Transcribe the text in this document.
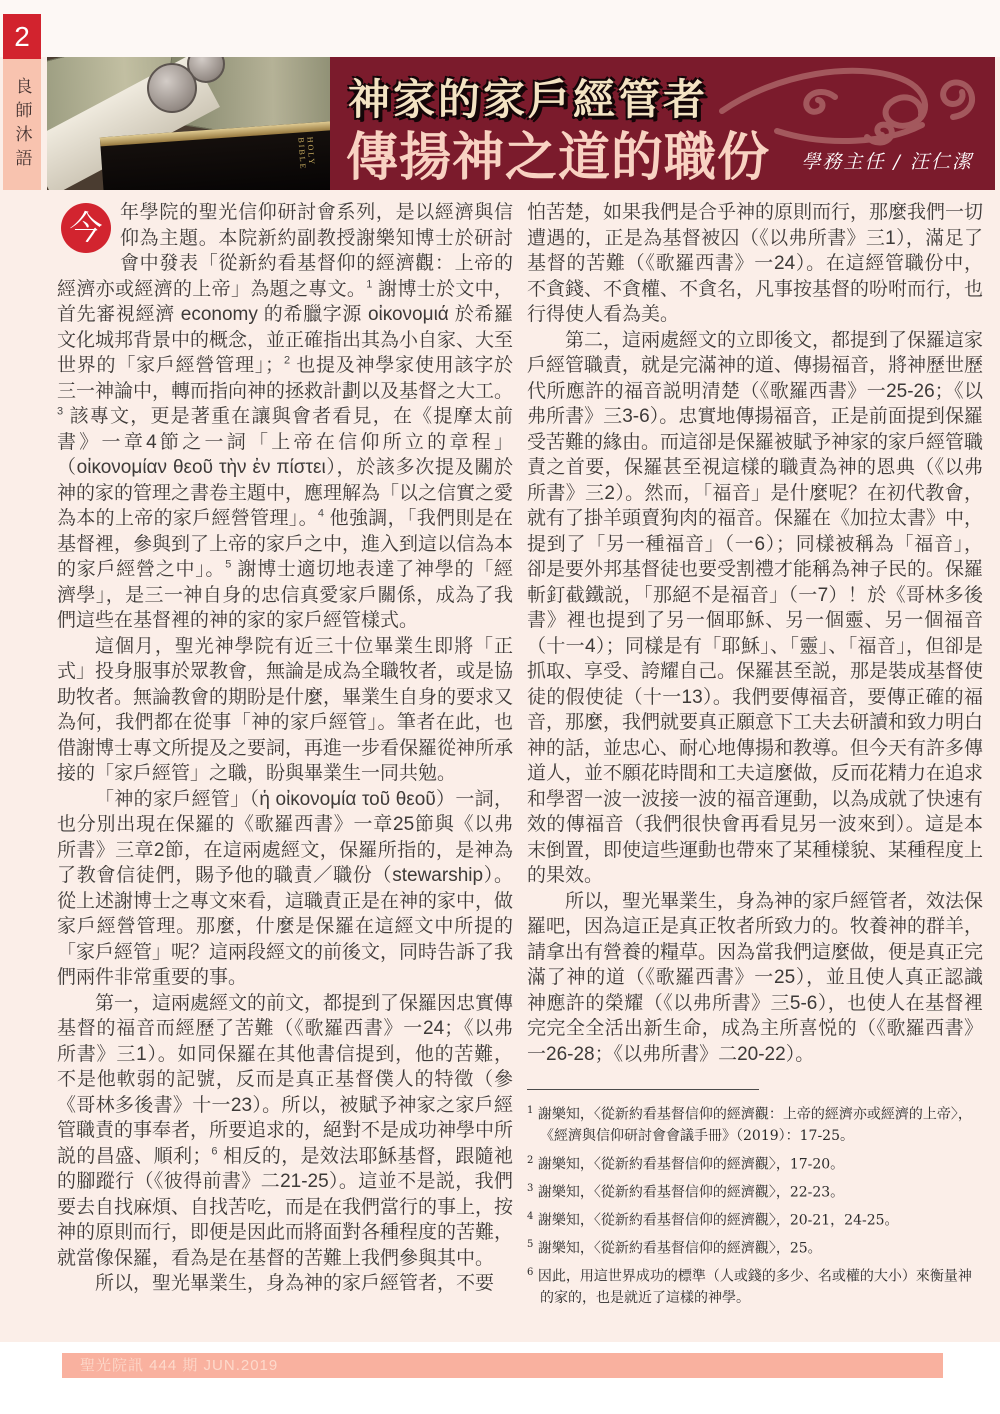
2
良師沐語	HOLY BIBLE
神家的家戶經管者
傳揚神之道的職份 學務主任 / 汪仁潔

今 年學院的聖光信仰研討會系列，是以經濟與信仰為主題。本院新約副教授謝樂知博士於研討會中發表「從新約看基督仰的經濟觀：上帝的經濟亦或經濟的上帝」為題之專文。$^1$ 謝博士於文中，首先審視經濟 economy 的希臘字源 οἰκονομιά 於希羅文化城邦背景中的概念，並正確指出其為小自家、大至世界的「家戶經營管理」；$^2$ 也提及神學家使用該字於三一神論中，轉而指向神的拯救計劃以及基督之大工。$^3$ 該專文，更是著重在讓與會者看見，在《提摩太前書》一章4節之一詞「上帝在信仰所立的章程」（οἰκονομίαν θεοῦ τὴν ἐν πίστει），於該多次提及關於神的家的管理之書卷主題中，應理解為「以之信實之愛為本的上帝的家戶經營管理」。$^4$ 他強調，「我們則是在基督裡，參與到了上帝的家戶之中，進入到這以信為本的家戶經營之中」。$^5$ 謝博士適切地表達了神學的「經濟學」，是三一神自身的忠信真愛家戶關係，成為了我們這些在基督裡的神的家的家戶經管樣式。

這個月，聖光神學院有近三十位畢業生即將「正式」投身服事於眾教會，無論是成為全職牧者，或是協助牧者。無論教會的期盼是什麼，畢業生自身的要求又為何，我們都在從事「神的家戶經管」。筆者在此，也借謝博士專文所提及之要詞，再進一步看保羅從神所承接的「家戶經管」之職，盼與畢業生一同共勉。

「神的家戶經管」（ἡ οἰκονομία τοῦ θεοῦ）一詞，也分別出現在保羅的《歌羅西書》一章25節與《以弗所書》三章2節，在這兩處經文，保羅所指的，是神為了教會信徒們，賜予他的職責／職份（stewarship）。從上述謝博士之專文來看，這職責正是在神的家中，做家戶經營管理。那麼，什麼是保羅在這經文中所提的「家戶經管」呢？這兩段經文的前後文，同時告訴了我們兩件非常重要的事。

第一，這兩處經文的前文，都提到了保羅因忠實傳基督的福音而經歷了苦難（《歌羅西書》一24；《以弗所書》三1）。如同保羅在其他書信提到，他的苦難，不是他軟弱的記號，反而是真正基督僕人的特徵（參《哥林多後書》十一23）。所以，被賦予神家之家戶經管職責的事奉者，所要追求的，絕對不是成功神學中所説的昌盛、順利；$^6$ 相反的，是效法耶穌基督，跟隨祂的腳蹤行（《彼得前書》二21-25）。這並不是説，我們要去自找麻煩、自找苦吃，而是在我們當行的事上，按神的原則而行，即便是因此而將面對各種程度的苦難，就當像保羅，看為是在基督的苦難上我們參與其中。

所以，聖光畢業生，身為神的家戶經管者，不要

怕苦楚，如果我們是合乎神的原則而行，那麼我們一切遭遇的，正是為基督被囚（《以弗所書》三1），滿足了基督的苦難（《歌羅西書》一24）。在這經管職份中，不貪錢、不貪權、不貪名，凡事按基督的吩咐而行，也行得使人看為美。

第二，這兩處經文的立即後文，都提到了保羅這家戶經管職責，就是完滿神的道、傳揚福音，將神歷世歷代所應許的福音説明清楚（《歌羅西書》一25-26；《以弗所書》三3-6）。忠實地傳揚福音，正是前面提到保羅受苦難的緣由。而這卻是保羅被賦予神家的家戶經管職責之首要，保羅甚至視這樣的職責為神的恩典（《以弗所書》三2）。然而，「福音」是什麼呢？在初代教會，就有了掛羊頭賣狗肉的福音。保羅在《加拉太書》中，提到了「另一種福音」（一6）；同樣被稱為「福音」，卻是要外邦基督徒也要受割禮才能稱為神子民的。保羅斬釘截鐵説，「那絕不是福音」（一7）！於《哥林多後書》裡也提到了另一個耶穌、另一個靈、另一個福音（十一4）；同樣是有「耶穌」、「靈」、「福音」，但卻是抓取、享受、誇耀自己。保羅甚至説，那是裝成基督使徒的假使徒（十一13）。我們要傳福音，要傳正確的福音，那麼，我們就要真正願意下工夫去研讀和致力明白神的話，並忠心、耐心地傳揚和教導。但今天有許多傳道人，並不願花時間和工夫這麼做，反而花精力在追求和學習一波一波接一波的福音運動，以為成就了快速有效的傳福音（我們很快會再看見另一波來到）。這是本末倒置，即使這些運動也帶來了某種樣貌、某種程度上的果效。

所以，聖光畢業生，身為神的家戶經管者，效法保羅吧，因為這正是真正牧者所致力的。牧養神的群羊，請拿出有營養的糧草。因為當我們這麼做，便是真正完滿了神的道（《歌羅西書》一25），並且使人真正認識神應許的榮耀（《以弗所書》三5-6），也使人在基督裡完完全全活出新生命，成為主所喜悦的（《歌羅西書》一26-28；《以弗所書》二20-22）。

$^1$ 謝樂知，〈從新約看基督信仰的經濟觀：上帝的經濟亦或經濟的上帝〉，《經濟與信仰研討會會議手冊》（2019）：17-25。

$^2$ 謝樂知，〈從新約看基督信仰的經濟觀〉，17-20。

$^3$ 謝樂知，〈從新約看基督信仰的經濟觀〉，22-23。

$^4$ 謝樂知，〈從新約看基督信仰的經濟觀〉，20-21，24-25。

$^5$ 謝樂知，〈從新約看基督信仰的經濟觀〉，25。

$^6$ 因此，用這世界成功的標準（人或錢的多少、名或權的大小）來衡量神的家的，也是就近了這樣的神學。

聖光院訊 444 期 JUN.2019
